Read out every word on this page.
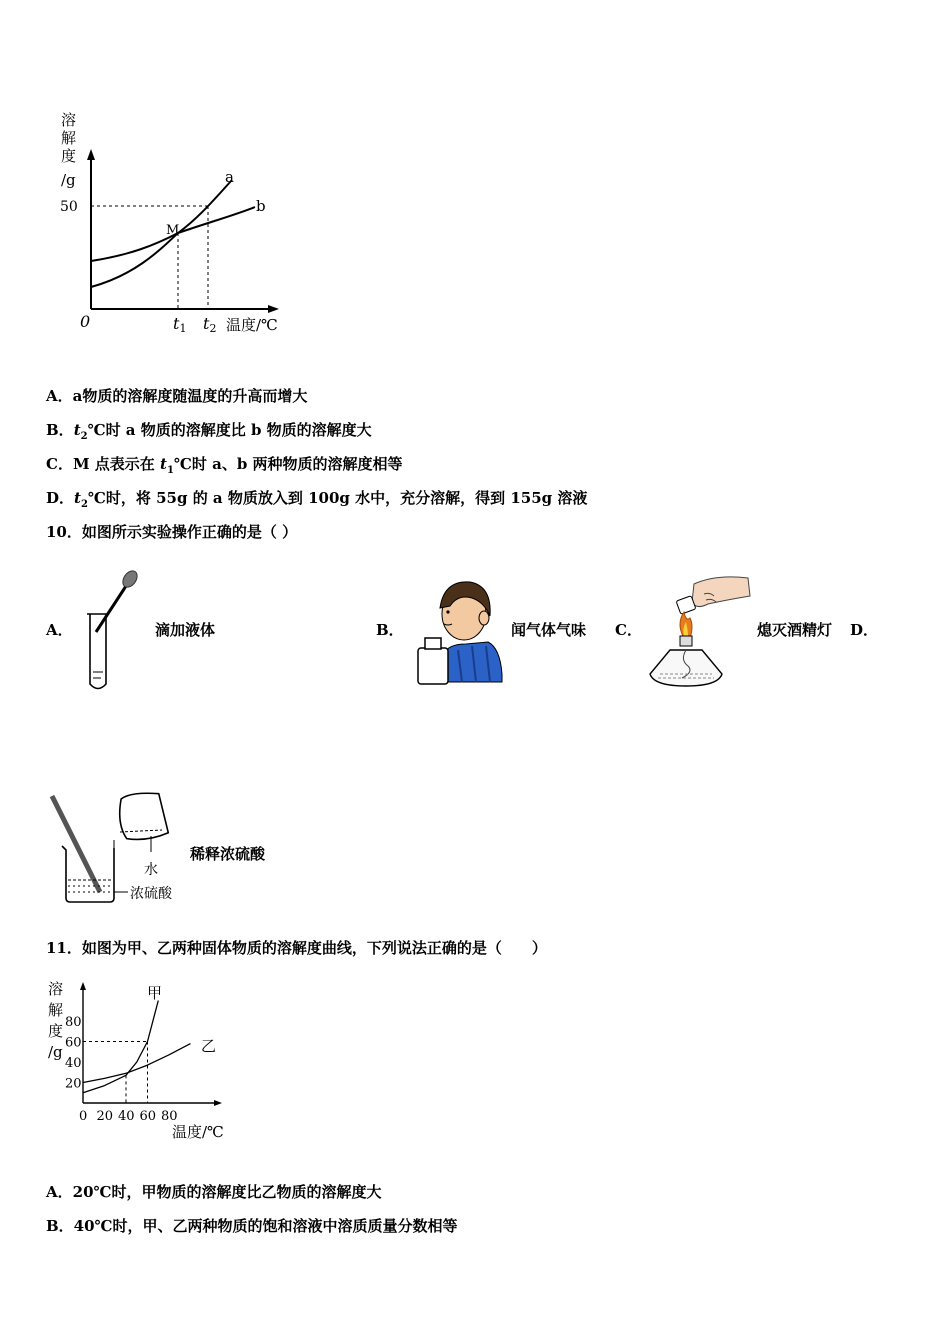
溶
解
度
/g
50
M
a
b
0	t1 t2 温度/℃
A．a物质的溶解度随温度的升高而增大
B．$t_2℃$时 a 物质的溶解度比 b 物质的溶解度大
C．M 点表示在 $t_1℃$时 a、b 两种物质的溶解度相等
D．$t_2℃$时，将 55g 的 a 物质放入到 100g 水中，充分溶解，得到 155g 溶液
10．如图所示实验操作正确的是（ ）
A．	滴加液体	B．	闻气体气味 C．	熄灭酒精灯 D．
水
浓硫酸
稀释浓硫酸
11．如图为甲、乙两种固体物质的溶解度曲线，下列说法正确的是（　　）
溶
解
度
/g
20
40
60
80
0 20 40 60 80
温度/℃
甲
乙
A．20℃时，甲物质的溶解度比乙物质的溶解度大
B．40℃时，甲、乙两种物质的饱和溶液中溶质质量分数相等
